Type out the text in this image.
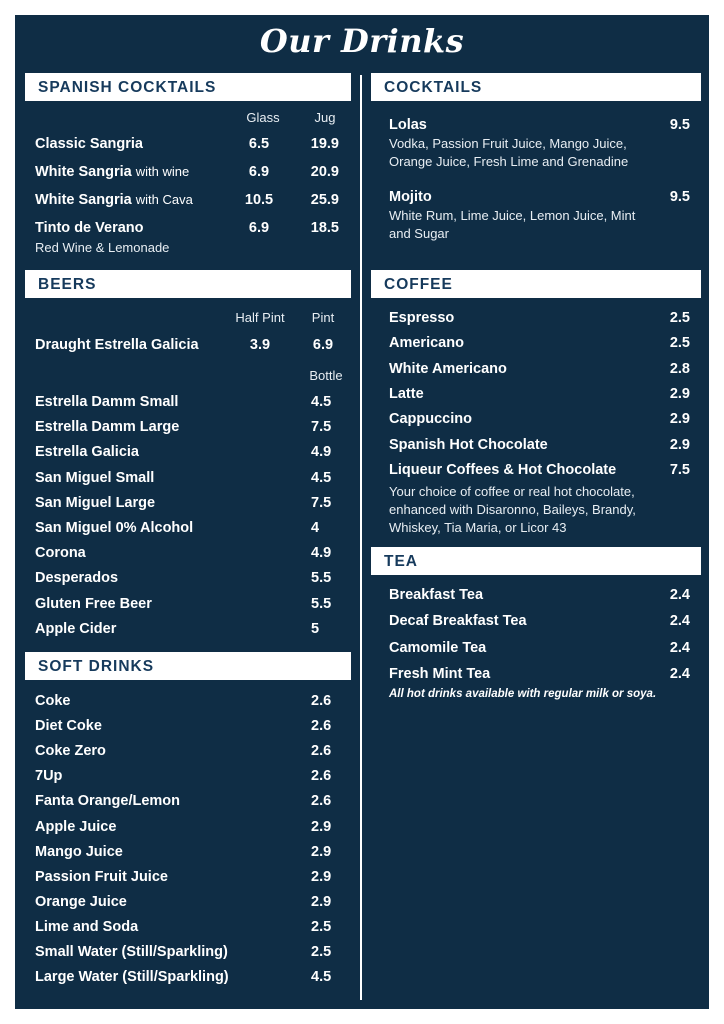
Our Drinks
SPANISH COCKTAILS
Glass	Jug
Classic Sangria	6.5	19.9
White Sangria with wine	6.9	20.9
White Sangria with Cava	10.5	25.9
Tinto de Verano	6.9	18.5
Red Wine & Lemonade
BEERS
Half Pint	Pint
Draught Estrella Galicia	3.9	6.9
Bottle
Estrella Damm Small	4.5
Estrella Damm Large	7.5
Estrella Galicia	4.9
San Miguel Small	4.5
San Miguel Large	7.5
San Miguel 0% Alcohol	4
Corona	4.9
Desperados	5.5
Gluten Free Beer	5.5
Apple Cider	5
SOFT DRINKS
Coke	2.6
Diet Coke	2.6
Coke Zero	2.6
7Up	2.6
Fanta Orange/Lemon	2.6
Apple Juice	2.9
Mango Juice	2.9
Passion Fruit Juice	2.9
Orange Juice	2.9
Lime and Soda	2.5
Small Water (Still/Sparkling)	2.5
Large Water (Still/Sparkling)	4.5
COCKTAILS
Lolas	9.5
Vodka, Passion Fruit Juice, Mango Juice,
Orange Juice, Fresh Lime and Grenadine
Mojito	9.5
White Rum, Lime Juice, Lemon Juice, Mint
and Sugar
COFFEE
Espresso	2.5
Americano	2.5
White Americano	2.8
Latte	2.9
Cappuccino	2.9
Spanish Hot Chocolate	2.9
Liqueur Coffees & Hot Chocolate	7.5
Your choice of coffee or real hot chocolate,
enhanced with Disaronno, Baileys, Brandy,
Whiskey, Tia Maria, or Licor 43
TEA
Breakfast Tea	2.4
Decaf Breakfast Tea	2.4
Camomile Tea	2.4
Fresh Mint Tea	2.4
All hot drinks available with regular milk or soya.
